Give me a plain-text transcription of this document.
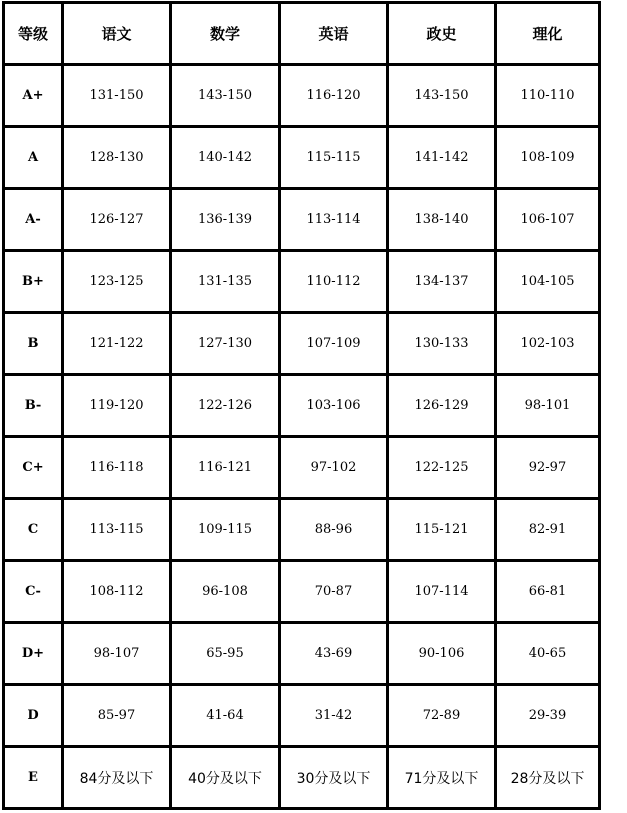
等级	语文	数学	英语	政史	理化
A+	131-150	143-150	116-120	143-150	110-110
A	128-130	140-142	115-115	141-142	108-109
A-	126-127	136-139	113-114	138-140	106-107
B+	123-125	131-135	110-112	134-137	104-105
B	121-122	127-130	107-109	130-133	102-103
B-	119-120	122-126	103-106	126-129	98-101
C+	116-118	116-121	97-102	122-125	92-97
C	113-115	109-115	88-96	115-121	82-91
C-	108-112	96-108	70-87	107-114	66-81
D+	98-107	65-95	43-69	90-106	40-65
D	85-97	41-64	31-42	72-89	29-39
E	84分及以下	40分及以下	30分及以下	71分及以下	28分及以下
